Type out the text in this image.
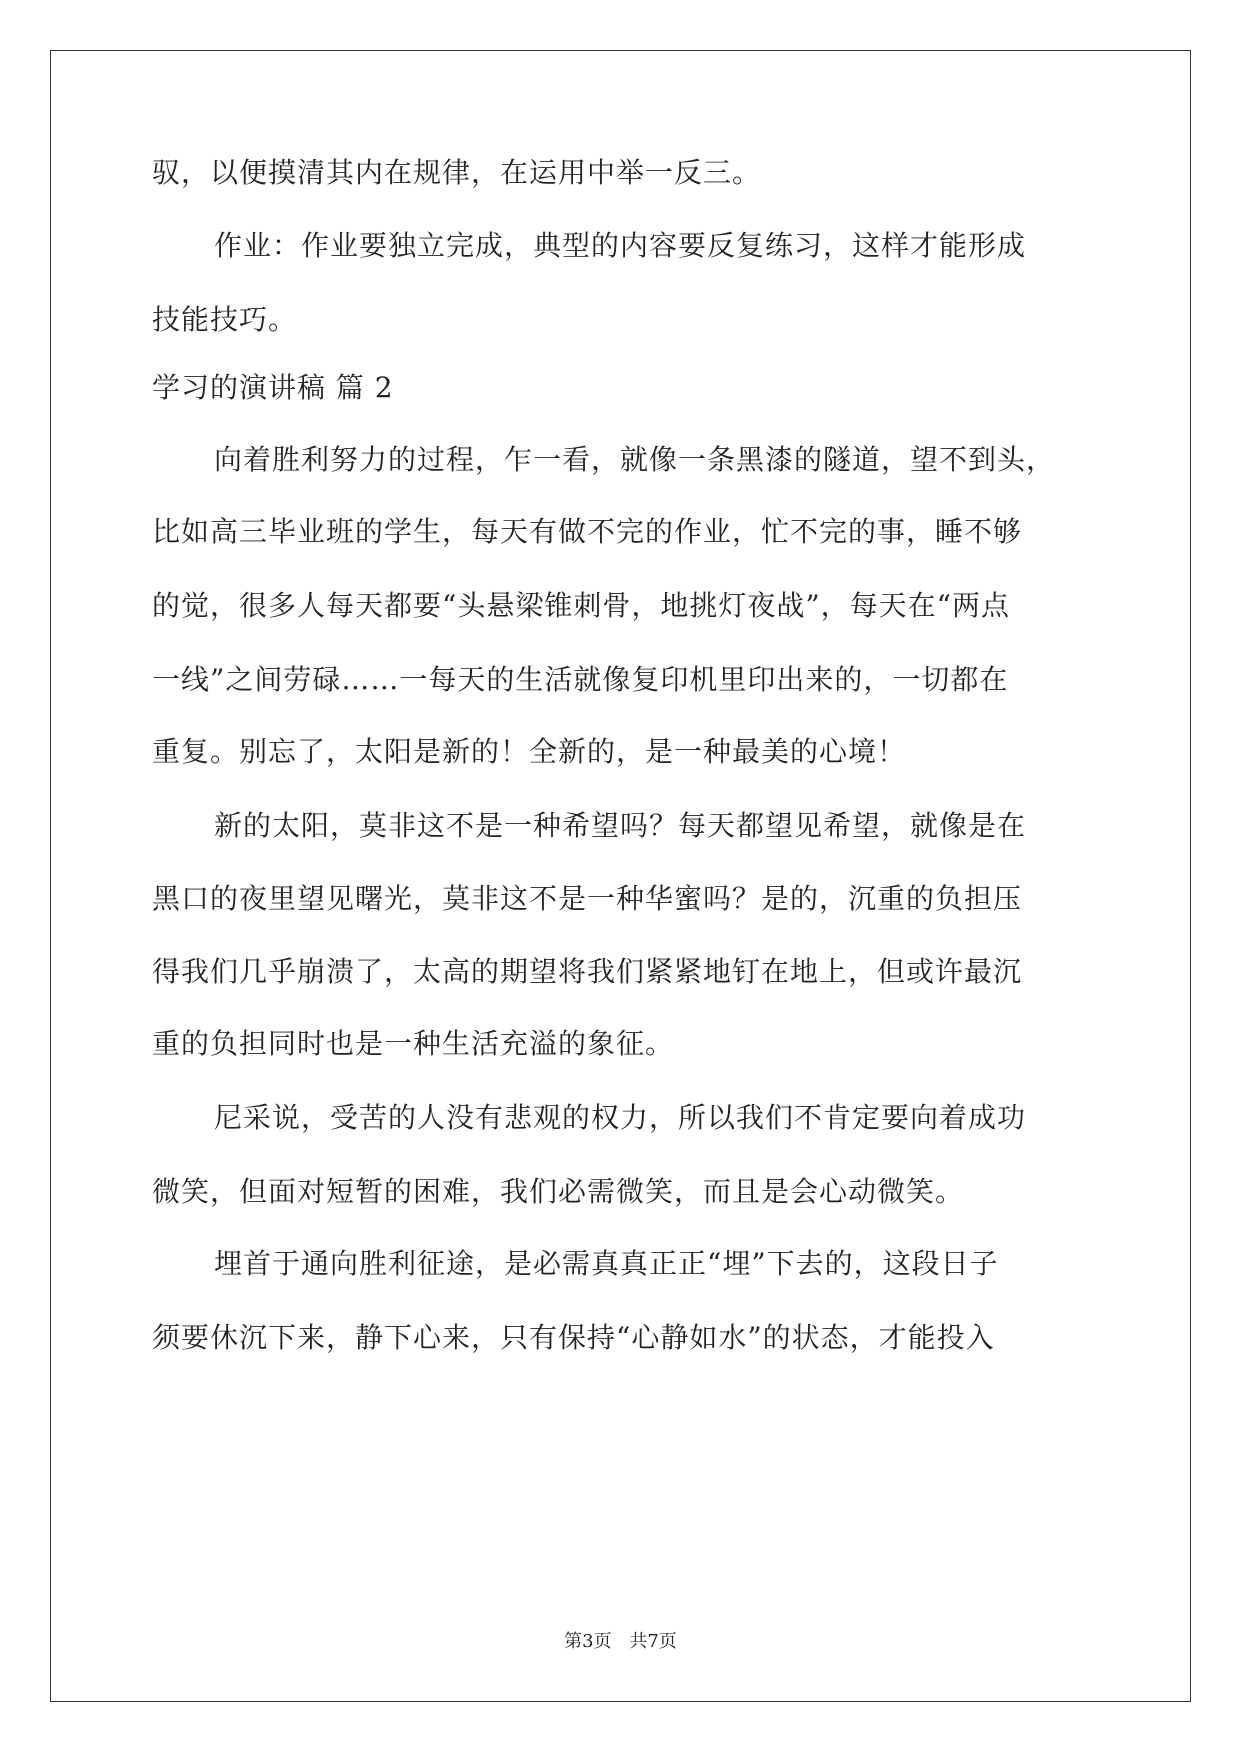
驭，以便摸清其内在规律，在运用中举一反三。
作业：作业要独立完成，典型的内容要反复练习，这样才能形成
技能技巧。
学习的演讲稿 篇 2
向着胜利努力的过程，乍一看，就像一条黑漆的隧道，望不到头，
比如高三毕业班的学生，每天有做不完的作业，忙不完的事，睡不够
的觉，很多人每天都要“头悬梁锥刺骨，地挑灯夜战”，每天在“两点
一线”之间劳碌……一每天的生活就像复印机里印出来的，一切都在
重复。别忘了，太阳是新的！全新的，是一种最美的心境！
新的太阳，莫非这不是一种希望吗？每天都望见希望，就像是在
黑口的夜里望见曙光，莫非这不是一种华蜜吗？是的，沉重的负担压
得我们几乎崩溃了，太高的期望将我们紧紧地钉在地上，但或许最沉
重的负担同时也是一种生活充溢的象征。
尼采说，受苦的人没有悲观的权力，所以我们不肯定要向着成功
微笑，但面对短暂的困难，我们必需微笑，而且是会心动微笑。
埋首于通向胜利征途，是必需真真正正“埋”下去的，这段日子
须要休沉下来，静下心来，只有保持“心静如水”的状态，才能投入
第3页 共7页
